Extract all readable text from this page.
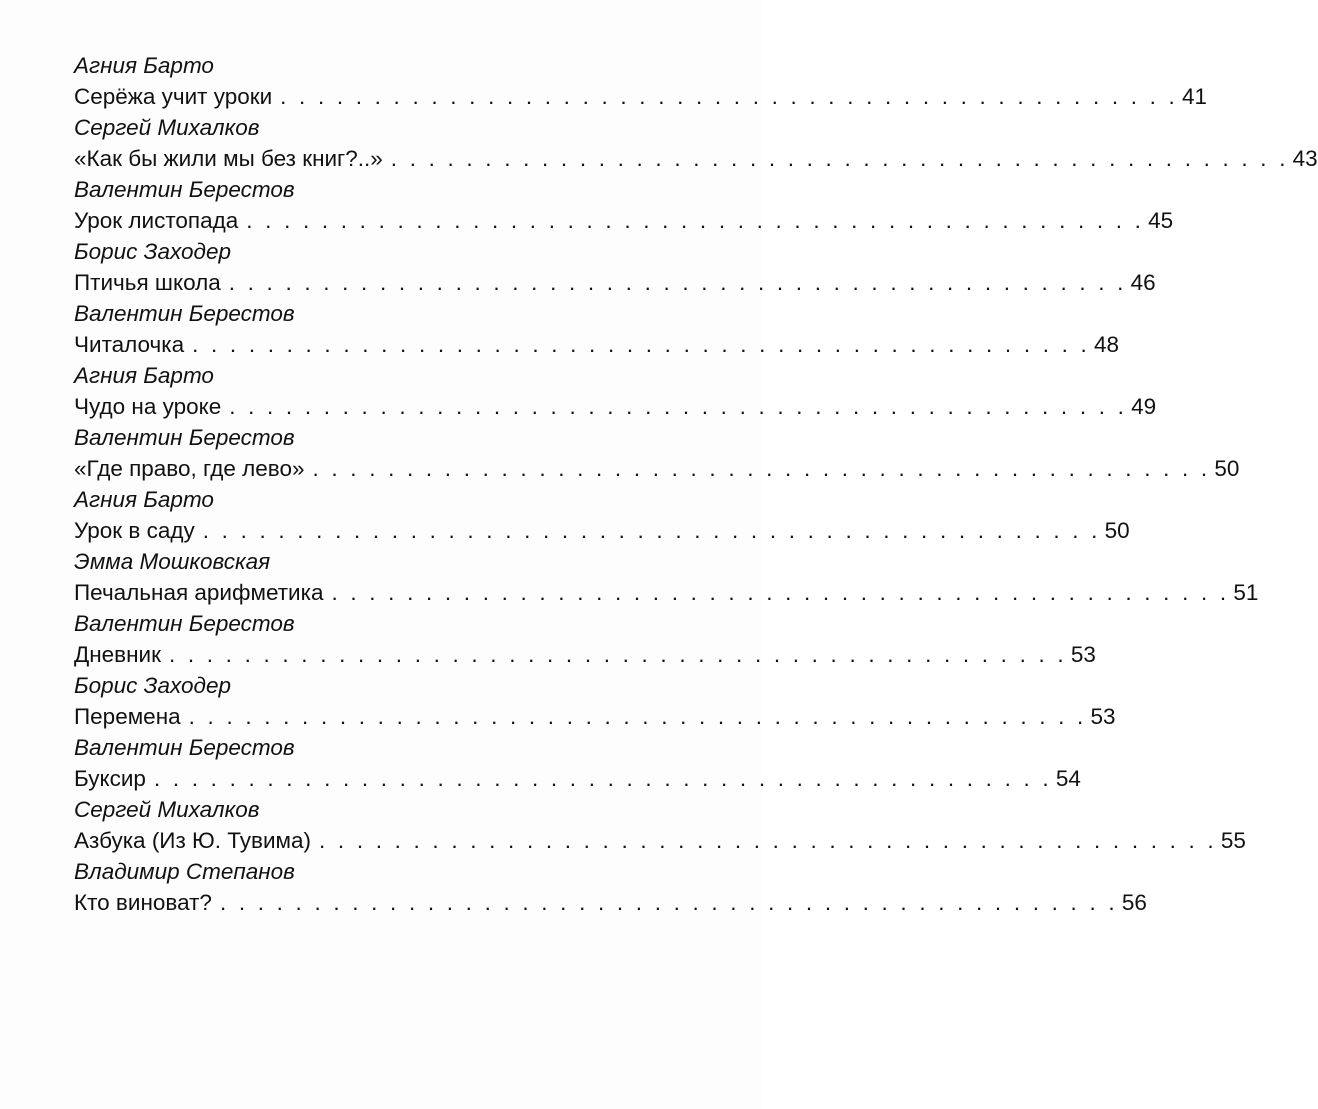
Агния Барто
Серёжа учит уроки . . . . . . . . . . . . . . . . . . . . . . . . . . . . . . . . . . . . . . . . . . . . . . . . 41
Сергей Михалков
«Как бы жили мы без книг?..» . . . . . . . . . . . . . . . . . . . . . . . . . . . . . . . . . . . . . . . . . . . . . . . . 43
Валентин Берестов
Урок листопада . . . . . . . . . . . . . . . . . . . . . . . . . . . . . . . . . . . . . . . . . . . . . . . . 45
Борис Заходер
Птичья школа . . . . . . . . . . . . . . . . . . . . . . . . . . . . . . . . . . . . . . . . . . . . . . . . 46
Валентин Берестов
Читалочка . . . . . . . . . . . . . . . . . . . . . . . . . . . . . . . . . . . . . . . . . . . . . . . . 48
Агния Барто
Чудо на уроке . . . . . . . . . . . . . . . . . . . . . . . . . . . . . . . . . . . . . . . . . . . . . . . . 49
Валентин Берестов
«Где право, где лево» . . . . . . . . . . . . . . . . . . . . . . . . . . . . . . . . . . . . . . . . . . . . . . . . 50
Агния Барто
Урок в саду . . . . . . . . . . . . . . . . . . . . . . . . . . . . . . . . . . . . . . . . . . . . . . . . 50
Эмма Мошковская
Печальная арифметика . . . . . . . . . . . . . . . . . . . . . . . . . . . . . . . . . . . . . . . . . . . . . . . . 51
Валентин Берестов
Дневник . . . . . . . . . . . . . . . . . . . . . . . . . . . . . . . . . . . . . . . . . . . . . . . . 53
Борис Заходер
Перемена . . . . . . . . . . . . . . . . . . . . . . . . . . . . . . . . . . . . . . . . . . . . . . . . 53
Валентин Берестов
Буксир . . . . . . . . . . . . . . . . . . . . . . . . . . . . . . . . . . . . . . . . . . . . . . . . 54
Сергей Михалков
Азбука (Из Ю. Тувима) . . . . . . . . . . . . . . . . . . . . . . . . . . . . . . . . . . . . . . . . . . . . . . . . 55
Владимир Степанов
Кто виноват? . . . . . . . . . . . . . . . . . . . . . . . . . . . . . . . . . . . . . . . . . . . . . . . . 56
